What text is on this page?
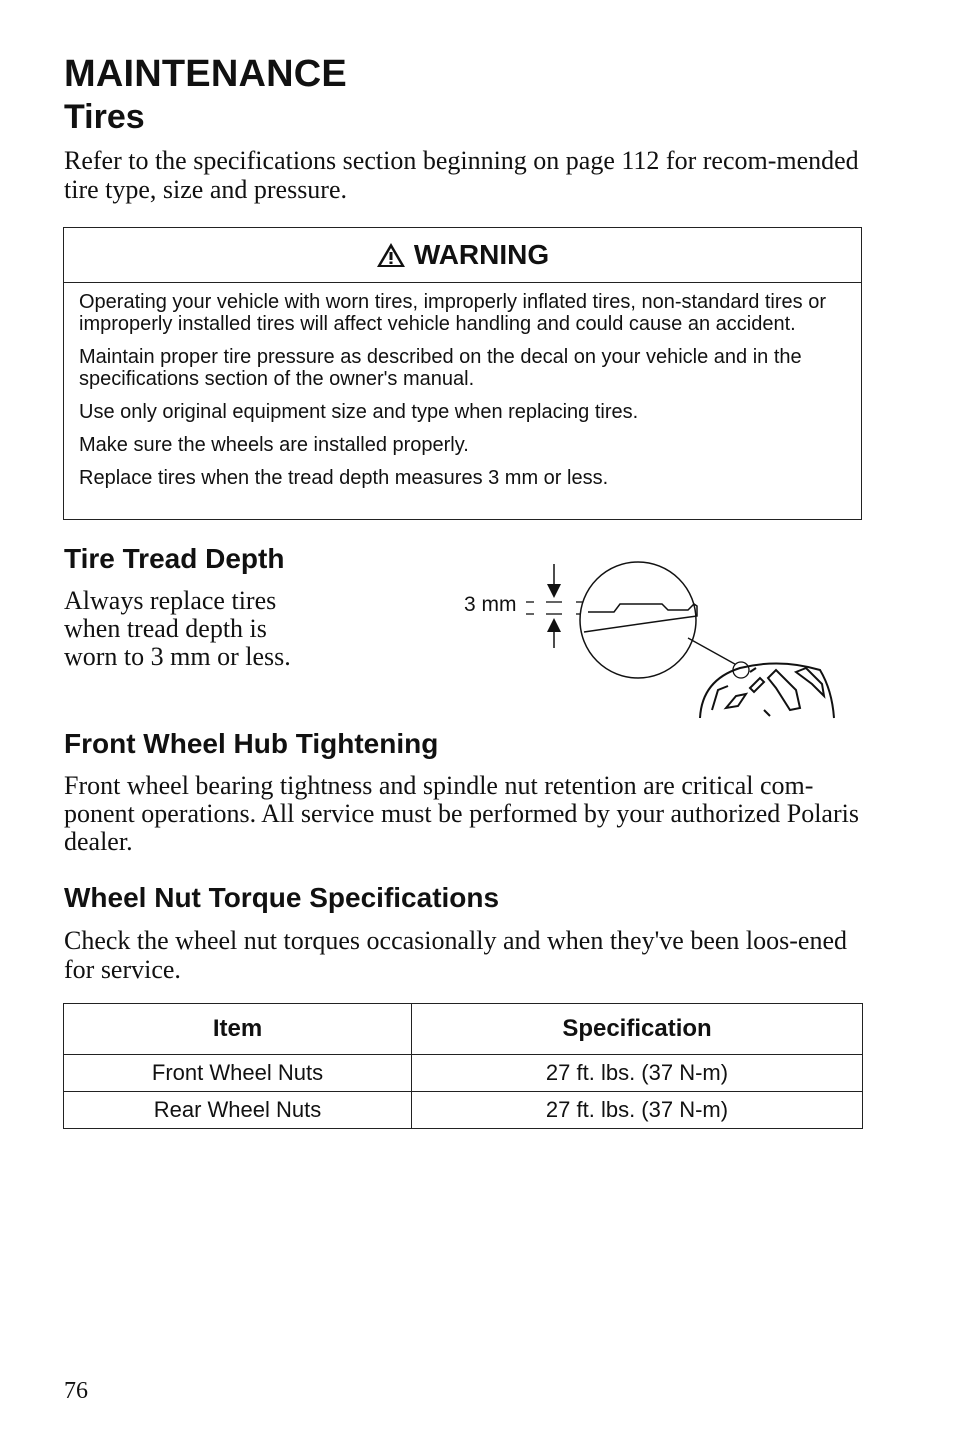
MAINTENANCE
Tires
Refer to the specifications section beginning on page 112 for recom-mended tire type, size and pressure.
WARNING

Operating your vehicle with worn tires, improperly inflated tires, non-standard tires or improperly installed tires will affect vehicle handling and could cause an accident.

Maintain proper tire pressure as described on the decal on your vehicle and in the specifications section of the owner's manual.

Use only original equipment size and type when replacing tires.

Make sure the wheels are installed properly.

Replace tires when the tread depth measures 3 mm or less.

Tire Tread Depth
Always replace tires when tread depth is worn to 3 mm or less.
3 mm
Front Wheel Hub Tightening
Front wheel bearing tightness and spindle nut retention are critical com-ponent operations. All service must be performed by your authorized Polaris dealer.
Wheel Nut Torque Specifications
Check the wheel nut torques occasionally and when they've been loos-ened for service.
Item	Specification
Front Wheel Nuts	27 ft. lbs. (37 N-m)
Rear Wheel Nuts	27 ft. lbs. (37 N-m)
76
